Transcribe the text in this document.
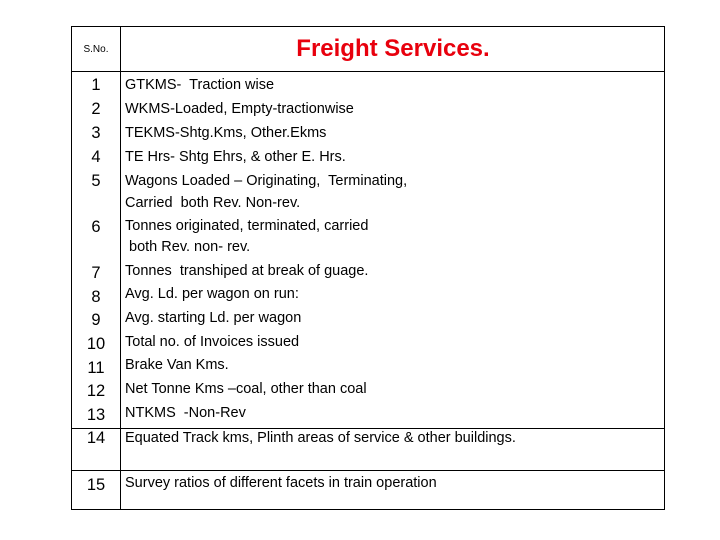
S.No.	Freight Services.
1
2
3
4
5
6
7
8
9
10
11
12
13
14
15
GTKMS-  Traction wise
WKMS-Loaded, Empty-tractionwise
TEKMS-Shtg.Kms, Other.Ekms
TE Hrs- Shtg Ehrs, & other E. Hrs.
Wagons Loaded – Originating,  Terminating,
Carried  both Rev. Non-rev.
Tonnes originated, terminated, carried
both Rev. non- rev.
Tonnes  transhiped at break of guage.
Avg. Ld. per wagon on run:
Avg. starting Ld. per wagon
Total no. of Invoices issued
Brake Van Kms.
Net Tonne Kms –coal, other than coal
NTKMS  -Non-Rev
Equated Track kms, Plinth areas of service & other buildings.
Survey ratios of different facets in train operation
